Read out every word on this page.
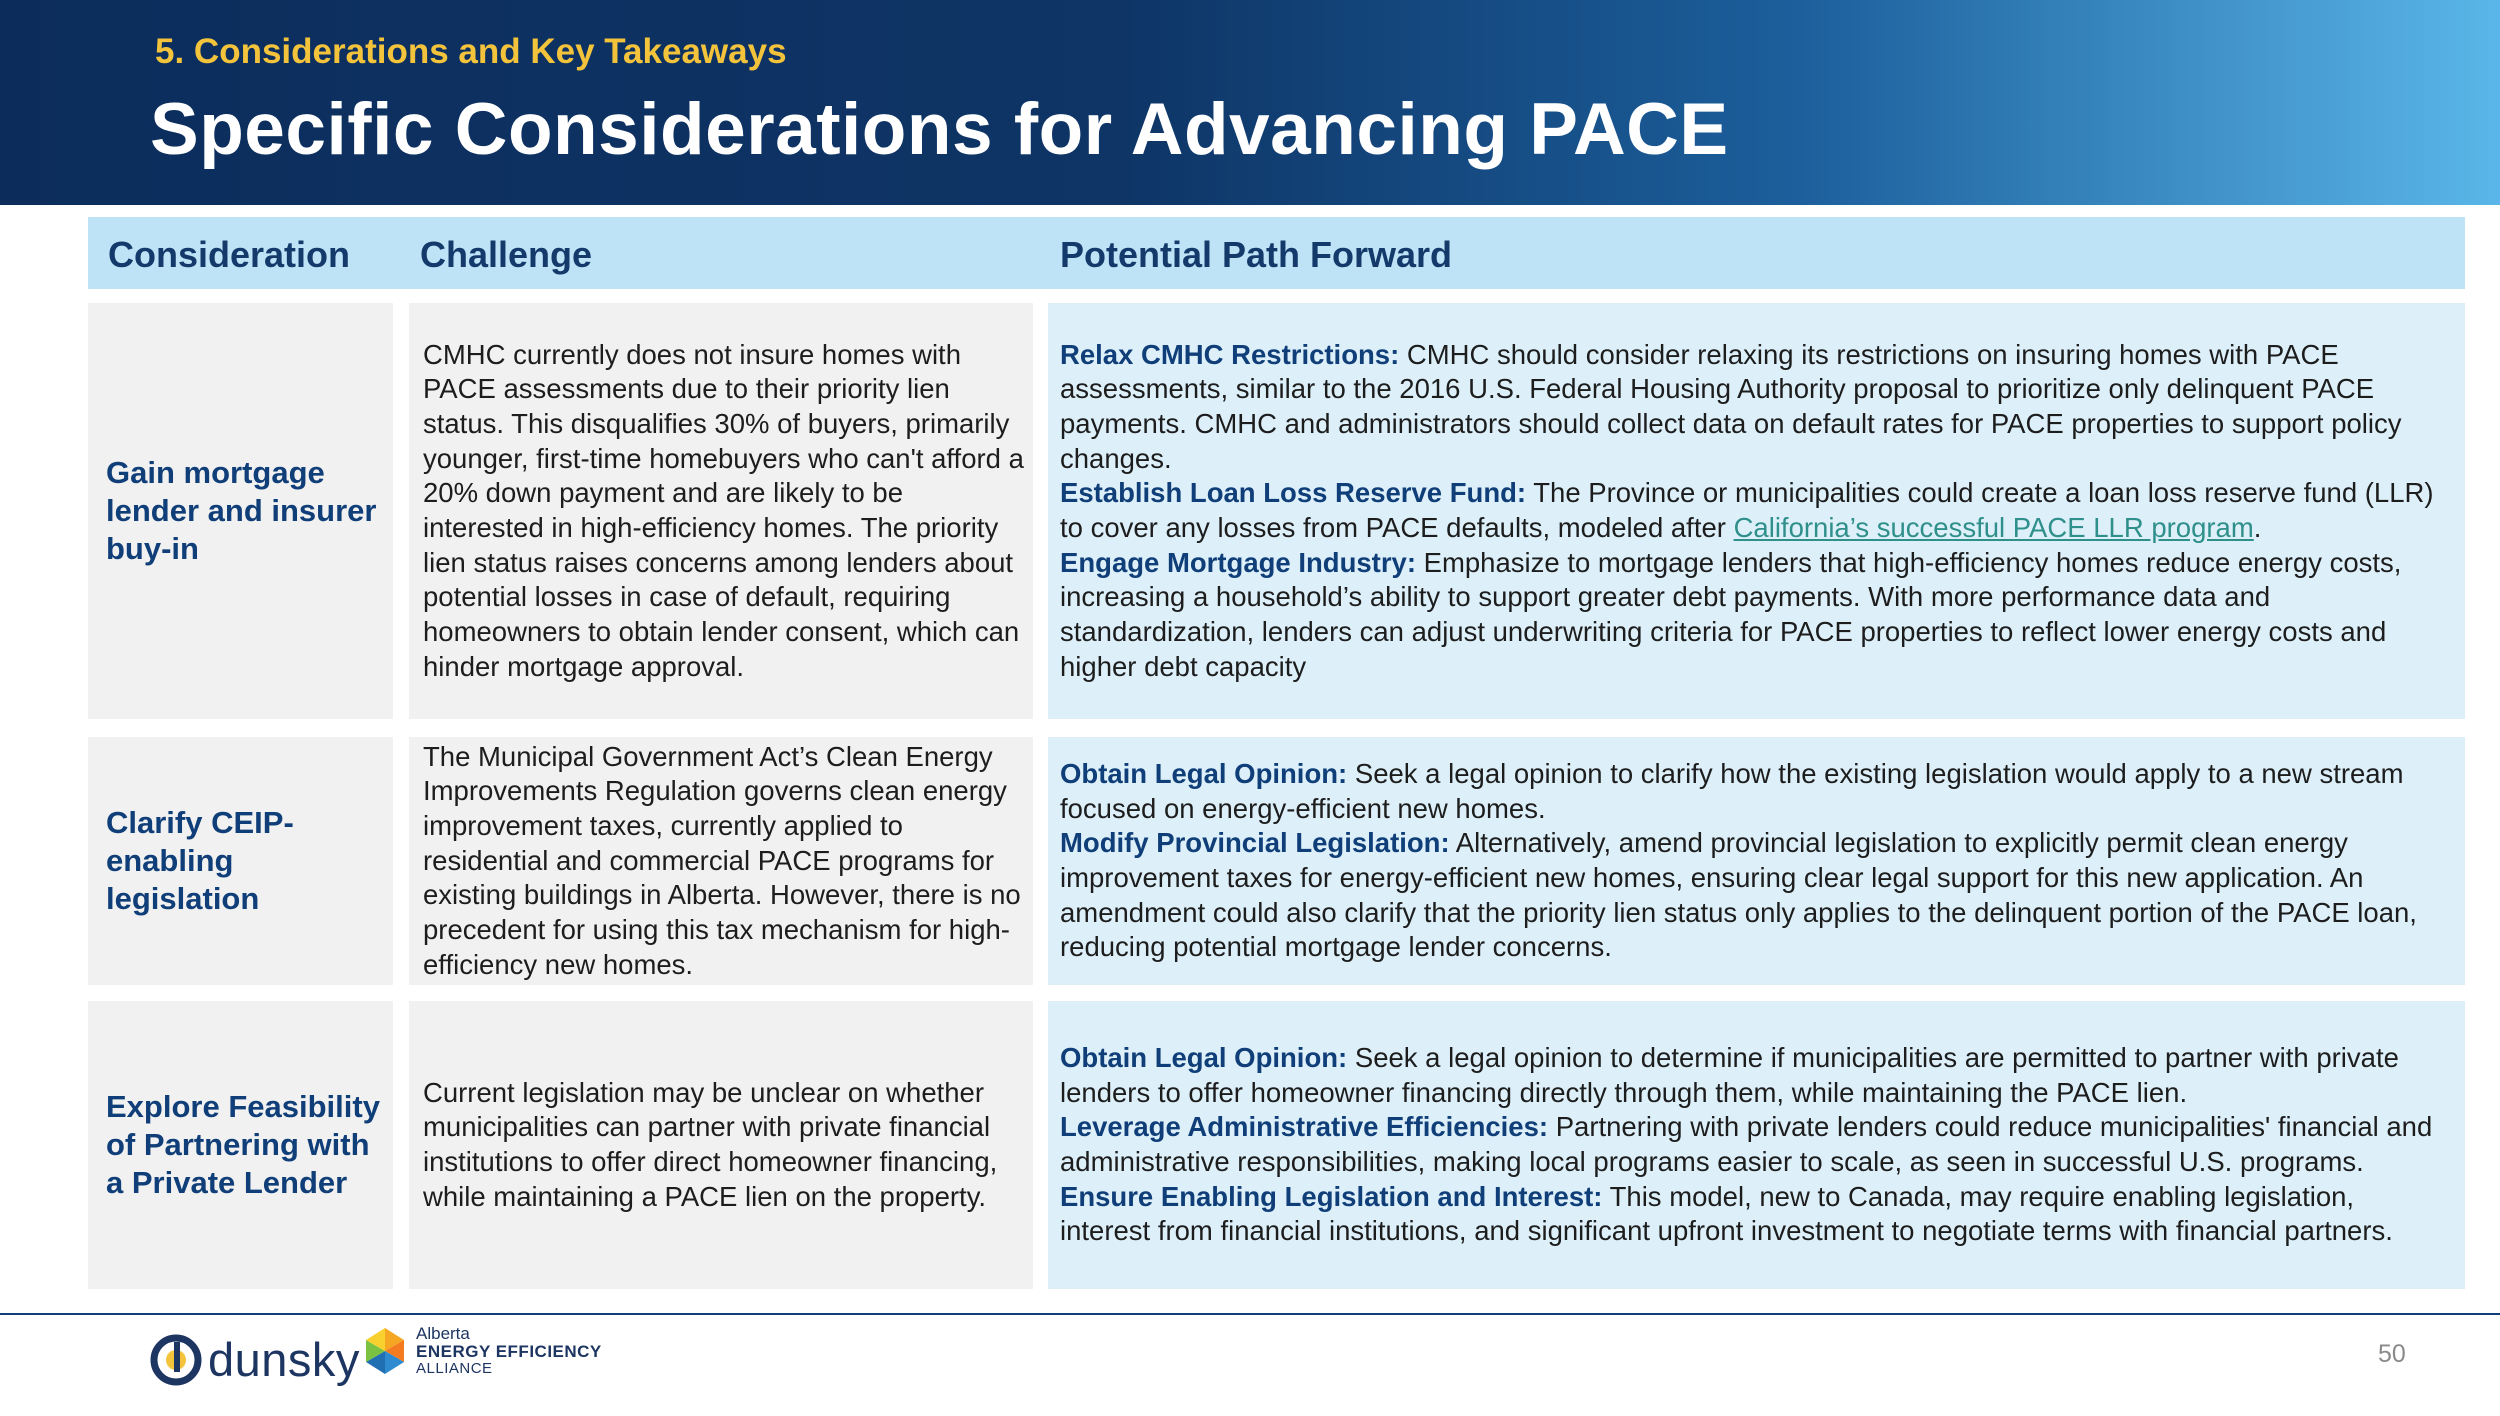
5. Considerations and Key Takeaways
Specific Considerations for Advancing PACE
Consideration Challenge	Potential Path Forward
Gain mortgage lender and insurer buy-in
CMHC currently does not insure homes with PACE assessments due to their priority lien status. This disqualifies 30% of buyers, primarily younger, first-time homebuyers who can't afford a 20% down payment and are likely to be interested in high-efficiency homes. The priority lien status raises concerns among lenders about potential losses in case of default, requiring homeowners to obtain lender consent, which can hinder mortgage approval.
Relax CMHC Restrictions: CMHC should consider relaxing its restrictions on insuring homes with PACE assessments, similar to the 2016 U.S. Federal Housing Authority proposal to prioritize only delinquent PACE payments. CMHC and administrators should collect data on default rates for PACE properties to support policy changes.
Establish Loan Loss Reserve Fund: The Province or municipalities could create a loan loss reserve fund (LLR) to cover any losses from PACE defaults, modeled after California’s successful PACE LLR program.
Engage Mortgage Industry: Emphasize to mortgage lenders that high-efficiency homes reduce energy costs, increasing a household’s ability to support greater debt payments. With more performance data and standardization, lenders can adjust underwriting criteria for PACE properties to reflect lower energy costs and higher debt capacity
Clarify CEIP-enabling legislation
The Municipal Government Act’s Clean Energy Improvements Regulation governs clean energy improvement taxes, currently applied to residential and commercial PACE programs for existing buildings in Alberta. However, there is no precedent for using this tax mechanism for high-efficiency new homes.
Obtain Legal Opinion: Seek a legal opinion to clarify how the existing legislation would apply to a new stream focused on energy-efficient new homes.
Modify Provincial Legislation: Alternatively, amend provincial legislation to explicitly permit clean energy improvement taxes for energy-efficient new homes, ensuring clear legal support for this new application. An amendment could also clarify that the priority lien status only applies to the delinquent portion of the PACE loan, reducing potential mortgage lender concerns.
Explore Feasibility of Partnering with a Private Lender
Current legislation may be unclear on whether municipalities can partner with private financial institutions to offer direct homeowner financing, while maintaining a PACE lien on the property.
Obtain Legal Opinion: Seek a legal opinion to determine if municipalities are permitted to partner with private lenders to offer homeowner financing directly through them, while maintaining the PACE lien.
Leverage Administrative Efficiencies: Partnering with private lenders could reduce municipalities' financial and administrative responsibilities, making local programs easier to scale, as seen in successful U.S. programs.
Ensure Enabling Legislation and Interest: This model, new to Canada, may require enabling legislation, interest from financial institutions, and significant upfront investment to negotiate terms with financial partners.
dunsky	Alberta
ENERGY EFFICIENCY
ALLIANCE
50
